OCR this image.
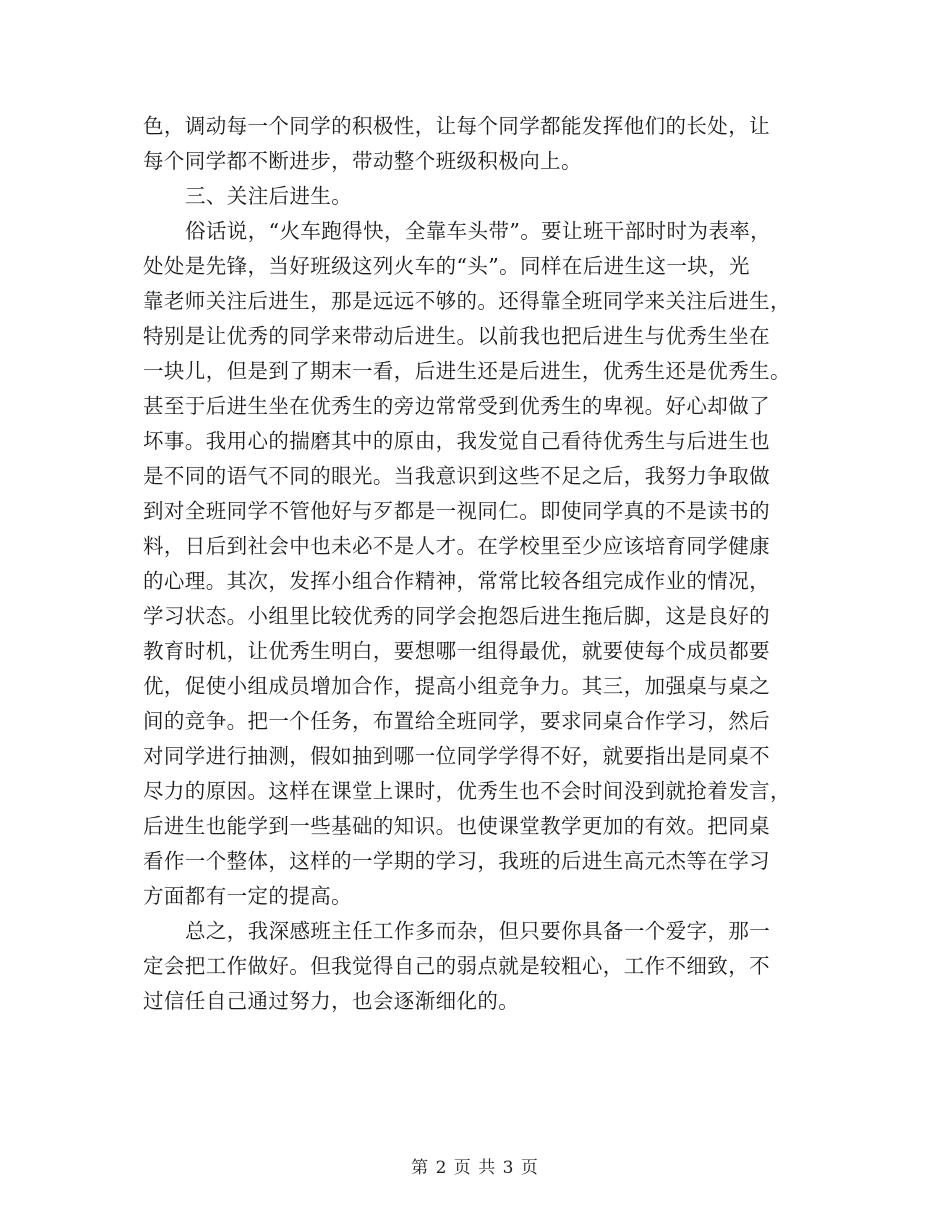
色，调动每一个同学的积极性，让每个同学都能发挥他们的长处，让
每个同学都不断进步，带动整个班级积极向上。
三、关注后进生。
俗话说，“火车跑得快，全靠车头带”。要让班干部时时为表率，
处处是先锋，当好班级这列火车的“头”。同样在后进生这一块，光
靠老师关注后进生，那是远远不够的。还得靠全班同学来关注后进生，
特别是让优秀的同学来带动后进生。以前我也把后进生与优秀生坐在
一块儿，但是到了期末一看，后进生还是后进生，优秀生还是优秀生。
甚至于后进生坐在优秀生的旁边常常受到优秀生的卑视。好心却做了
坏事。我用心的揣磨其中的原由，我发觉自己看待优秀生与后进生也
是不同的语气不同的眼光。当我意识到这些不足之后，我努力争取做
到对全班同学不管他好与歹都是一视同仁。即使同学真的不是读书的
料，日后到社会中也未必不是人才。在学校里至少应该培育同学健康
的心理。其次，发挥小组合作精神，常常比较各组完成作业的情况，
学习状态。小组里比较优秀的同学会抱怨后进生拖后脚，这是良好的
教育时机，让优秀生明白，要想哪一组得最优，就要使每个成员都要
优，促使小组成员增加合作，提高小组竞争力。其三，加强桌与桌之
间的竞争。把一个任务，布置给全班同学，要求同桌合作学习，然后
对同学进行抽测，假如抽到哪一位同学学得不好，就要指出是同桌不
尽力的原因。这样在课堂上课时，优秀生也不会时间没到就抢着发言，
后进生也能学到一些基础的知识。也使课堂教学更加的有效。把同桌
看作一个整体，这样的一学期的学习，我班的后进生高元杰等在学习
方面都有一定的提高。
总之，我深感班主任工作多而杂，但只要你具备一个爱字，那一
定会把工作做好。但我觉得自己的弱点就是较粗心，工作不细致，不
过信任自己通过努力，也会逐渐细化的。
第 2 页 共 3 页
